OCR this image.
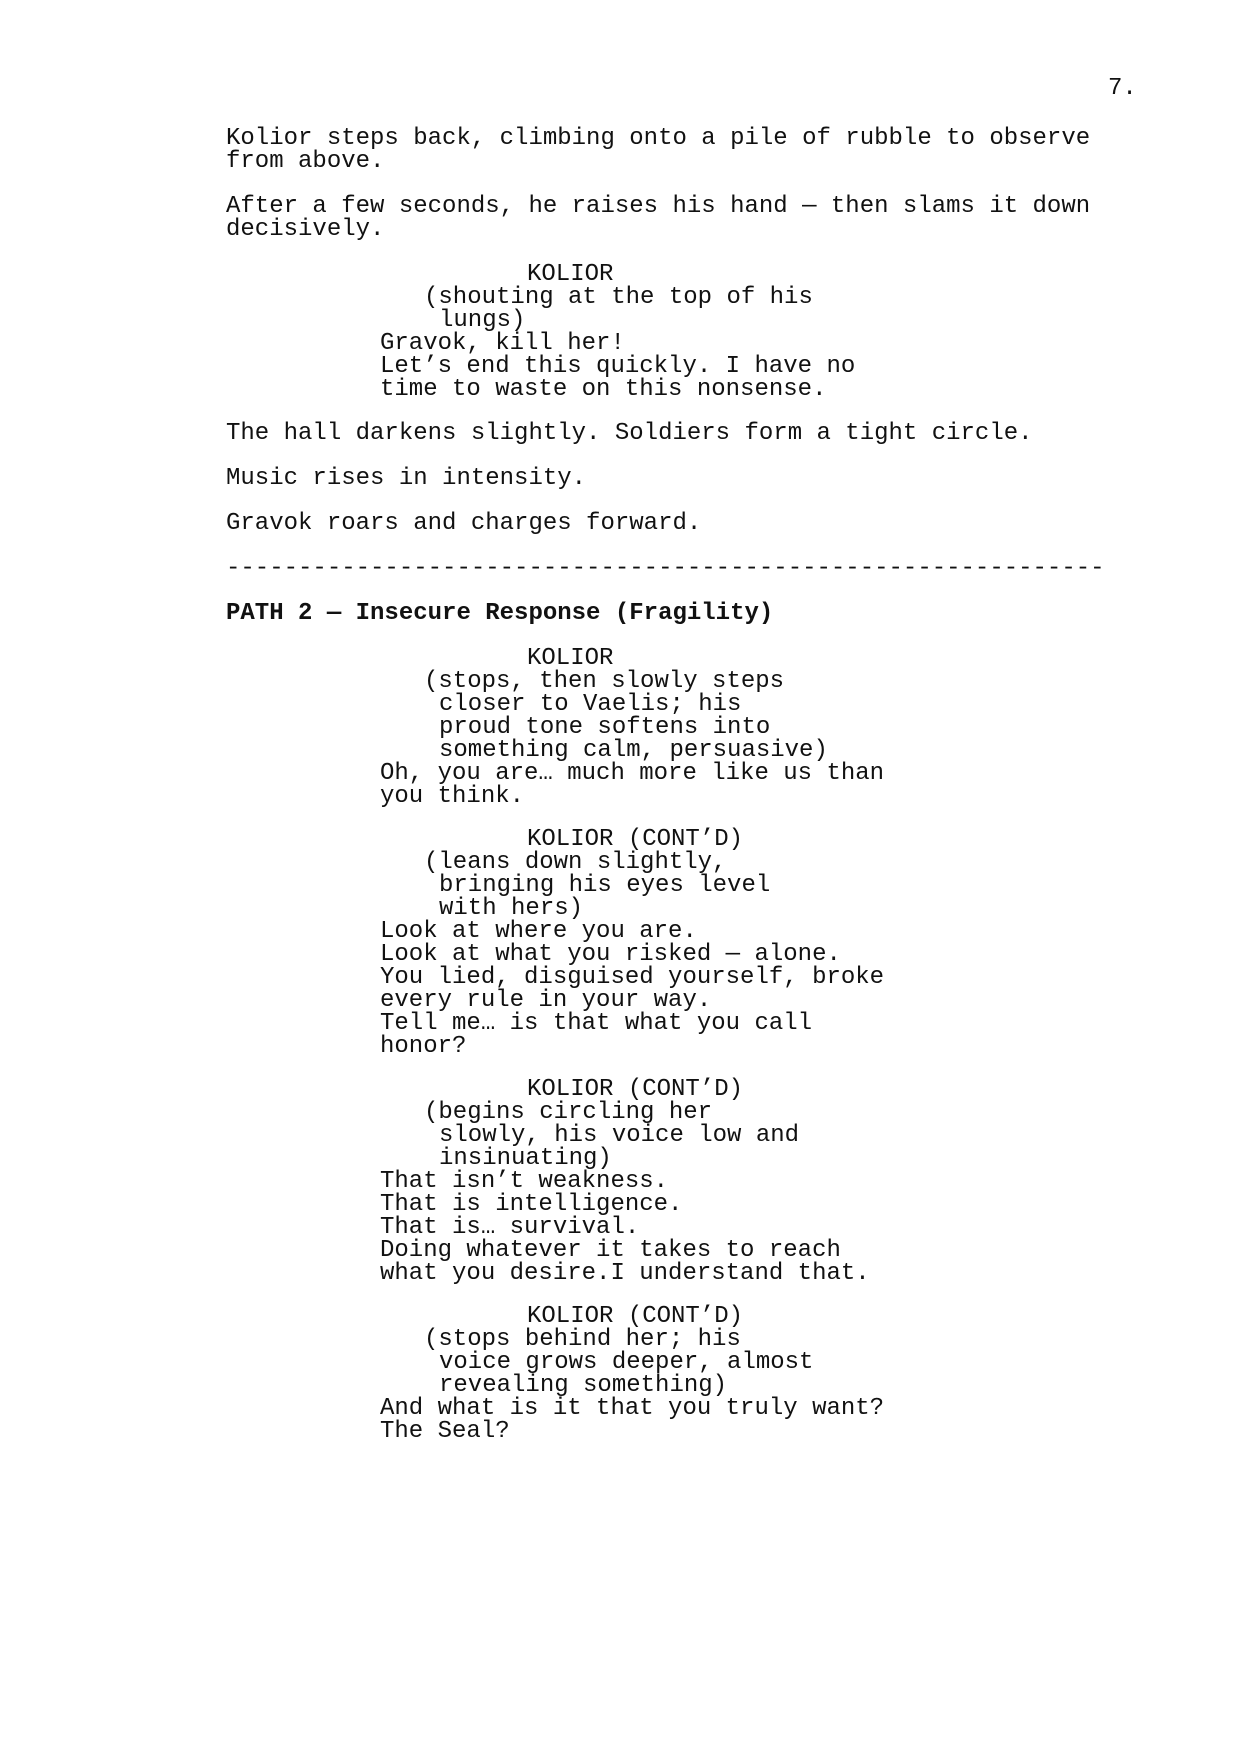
7.
Kolior steps back, climbing onto a pile of rubble to observe
from above.
After a few seconds, he raises his hand — then slams it down
decisively.
KOLIOR
(shouting at the top of his
lungs)
Gravok, kill her!
Let’s end this quickly. I have no
time to waste on this nonsense.
The hall darkens slightly. Soldiers form a tight circle.
Music rises in intensity.
Gravok roars and charges forward.
-------------------------------------------------------------
PATH 2 — Insecure Response (Fragility)
KOLIOR
(stops, then slowly steps
closer to Vaelis; his
proud tone softens into
something calm, persuasive)
Oh, you are… much more like us than
you think.
KOLIOR (CONT’D)
(leans down slightly,
bringing his eyes level
with hers)
Look at where you are.
Look at what you risked — alone.
You lied, disguised yourself, broke
every rule in your way.
Tell me… is that what you call
honor?
KOLIOR (CONT’D)
(begins circling her
slowly, his voice low and
insinuating)
That isn’t weakness.
That is intelligence.
That is… survival.
Doing whatever it takes to reach
what you desire.I understand that.
KOLIOR (CONT’D)
(stops behind her; his
voice grows deeper, almost
revealing something)
And what is it that you truly want?
The Seal?
